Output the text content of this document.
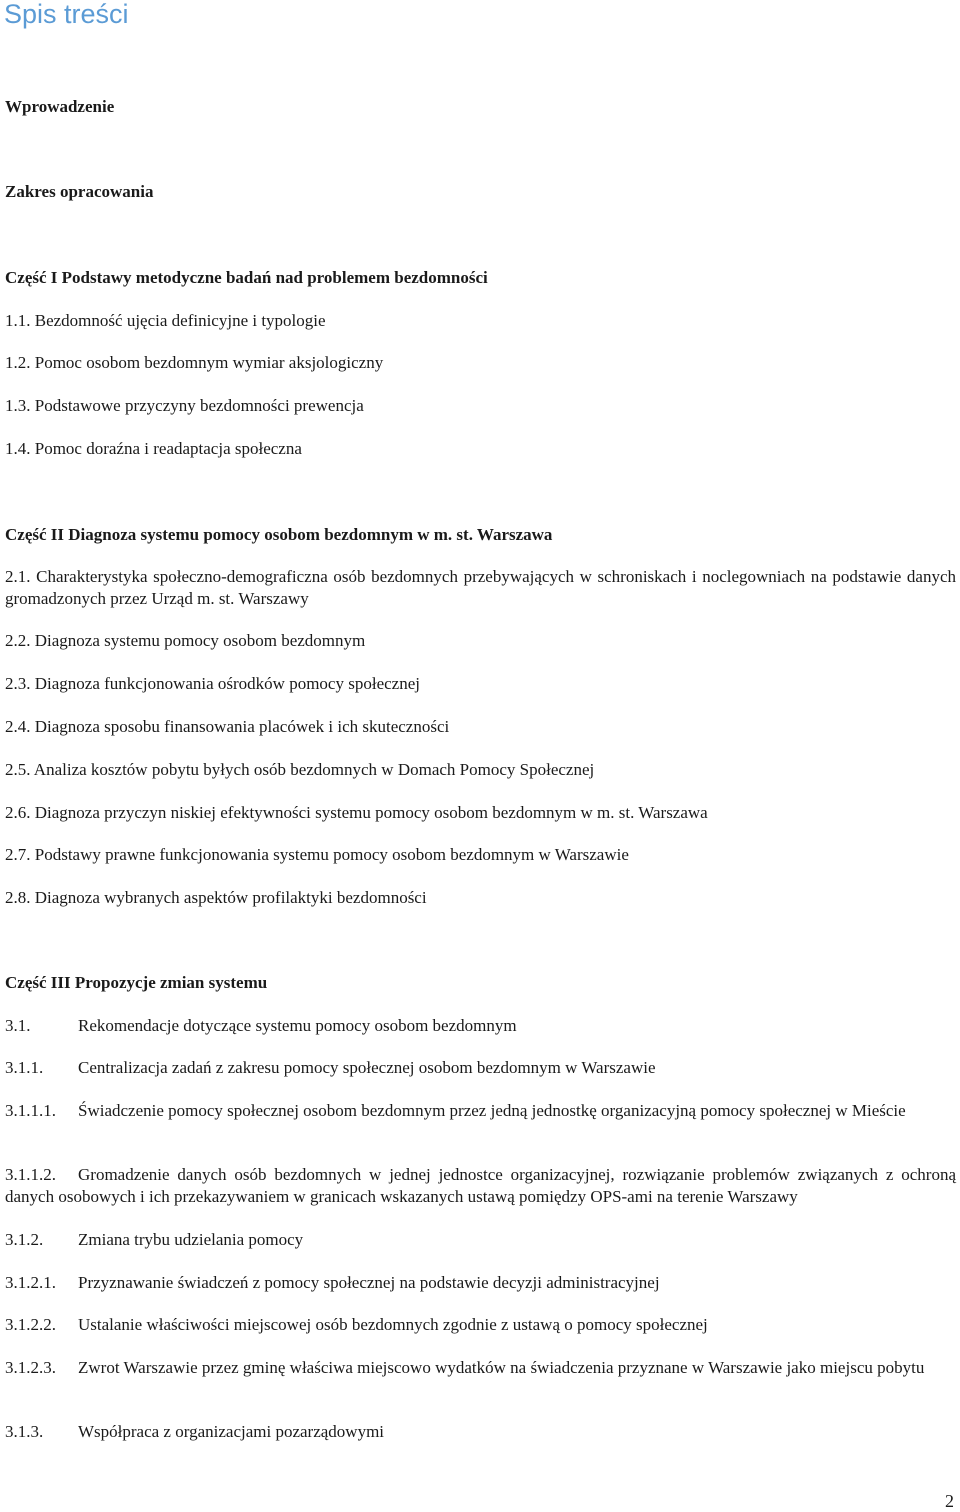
Spis treści
Wprowadzenie
Zakres opracowania
Część I Podstawy metodyczne badań nad problemem bezdomności
1.1. Bezdomność ujęcia definicyjne i typologie
1.2. Pomoc osobom bezdomnym wymiar aksjologiczny
1.3. Podstawowe przyczyny bezdomności prewencja
1.4. Pomoc doraźna i readaptacja społeczna
Część II Diagnoza systemu pomocy osobom bezdomnym w m. st. Warszawa
2.1. Charakterystyka społeczno-demograficzna osób bezdomnych przebywających w schroniskach i noclegowniach na podstawie danych gromadzonych przez Urząd m. st. Warszawy
2.2. Diagnoza systemu pomocy osobom bezdomnym
2.3. Diagnoza funkcjonowania ośrodków pomocy społecznej
2.4. Diagnoza sposobu finansowania placówek i ich skuteczności
2.5. Analiza kosztów pobytu byłych osób bezdomnych w Domach Pomocy Społecznej
2.6. Diagnoza przyczyn niskiej efektywności systemu pomocy osobom bezdomnym w m. st. Warszawa
2.7. Podstawy prawne funkcjonowania systemu pomocy osobom bezdomnym w Warszawie
2.8. Diagnoza wybranych aspektów profilaktyki bezdomności
Część III Propozycje zmian systemu
3.1.	Rekomendacje dotyczące systemu pomocy osobom bezdomnym
3.1.1. Centralizacja zadań z zakresu pomocy społecznej osobom bezdomnym w Warszawie
3.1.1.1. Świadczenie pomocy społecznej osobom bezdomnym przez jedną jednostkę organizacyjną pomocy społecznej w Mieście
3.1.1.2. Gromadzenie danych osób bezdomnych w jednej jednostce organizacyjnej, rozwiązanie problemów związanych z ochroną danych osobowych i ich przekazywaniem w granicach wskazanych ustawą pomiędzy OPS-ami na terenie Warszawy
3.1.2. Zmiana trybu udzielania pomocy
3.1.2.1. Przyznawanie świadczeń z pomocy społecznej na podstawie decyzji administracyjnej
3.1.2.2. Ustalanie właściwości miejscowej osób bezdomnych zgodnie z ustawą o pomocy społecznej
3.1.2.3. Zwrot Warszawie przez gminę właściwa miejscowo wydatków na świadczenia przyznane w Warszawie jako miejscu pobytu
3.1.3. Współpraca z organizacjami pozarządowymi
2
